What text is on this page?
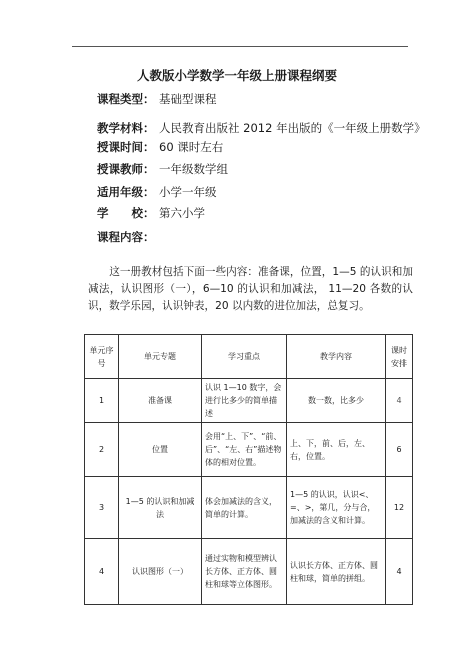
人教版小学数学一年级上册课程纲要
课程类型： 基础型课程
教学材料： 人民教育出版社 2012 年出版的《一年级上册数学》
授课时间： 60 课时左右
授课教师： 一年级数学组
适用年级： 小学一年级
学　　校： 第六小学
课程内容：
这一册教材包括下面一些内容：准备课，位置，1—5 的认识和加减法，认识图形（一），6—10 的认识和加减法， 11—20 各数的认识，数学乐园，认识钟表，20 以内数的进位加法，总复习。
单元序号	单元专题	学习重点	教学内容	课时安排
1	准备课	认识 1—10 数字，会进行比多少的简单描述	数一数，比多少	4
2	位置	会用“上、下”、“前、后”、“左、右”描述物体的相对位置。	上、下，前、后，左、右，位置。	6
3	1—5 的认识和加减法	体会加减法的含义，简单的计算。	1—5 的认识，认识<、=、>，第几，分与合，加减法的含义和计算。	12
4	认识图形（一）	通过实物和模型辨认长方体、正方体、圆柱和球等立体图形。	认识长方体、正方体、圆柱和球，简单的拼组。	4
